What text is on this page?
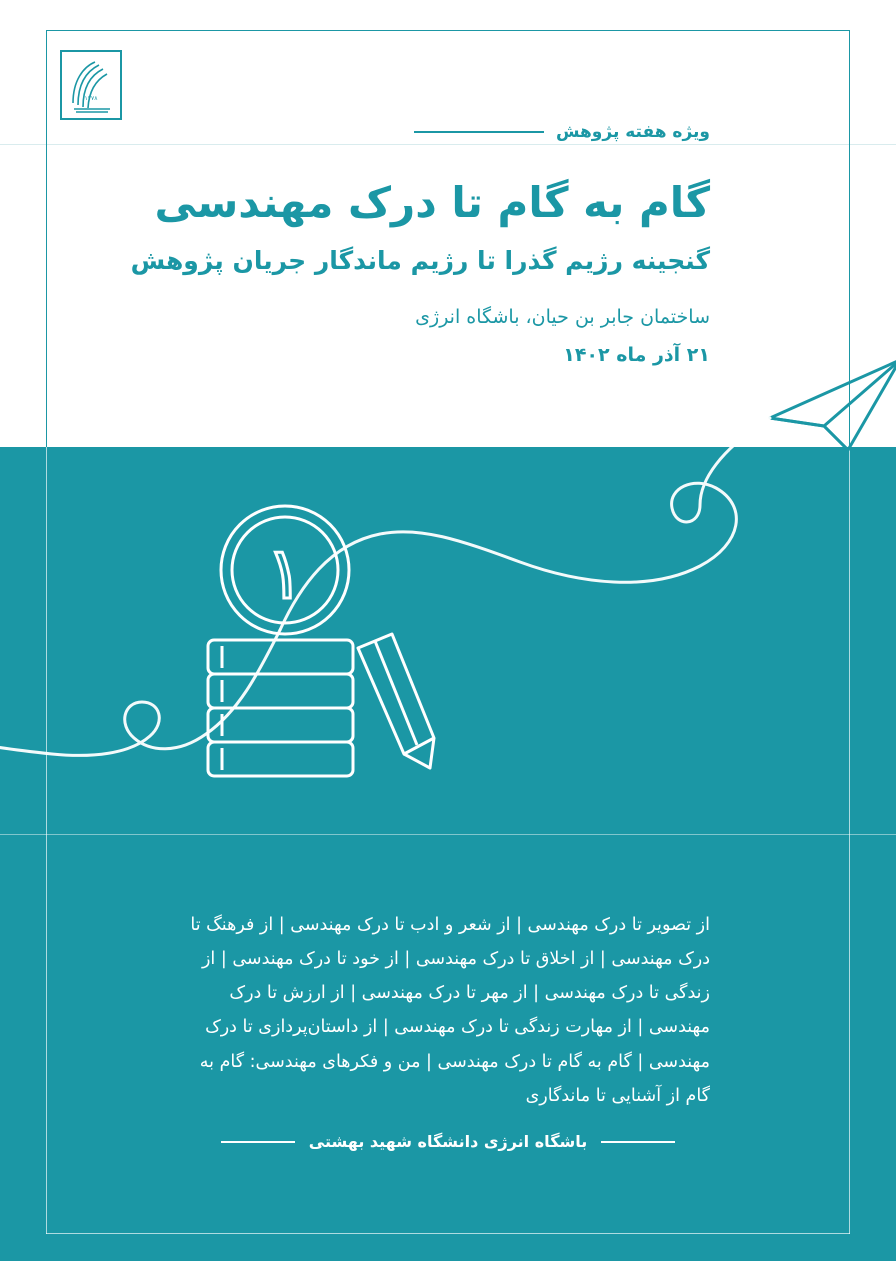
۱۳۷۸
ویژه هفته پژوهش
گام به گام تا درک مهندسی
گنجینه رژیم گذرا تا رژیم ماندگار جریان پژوهش
ساختمان جابر بن حیان، باشگاه انرژی
۲۱ آذر ماه ۱۴۰۲
۱
از تصویر تا درک مهندسی | از شعر و ادب تا درک مهندسی | از فرهنگ تا درک مهندسی | از اخلاق تا درک مهندسی | از خود تا درک مهندسی | از زندگی تا درک مهندسی | از مهر تا درک مهندسی | از ارزش تا درک مهندسی | از مهارت زندگی تا درک مهندسی | از داستان‌پردازی تا درک مهندسی | گام به گام تا درک مهندسی | من و فکرهای مهندسی: گام به گام از آشنایی تا ماندگاری
باشگاه انرژی دانشگاه شهید بهشتی
